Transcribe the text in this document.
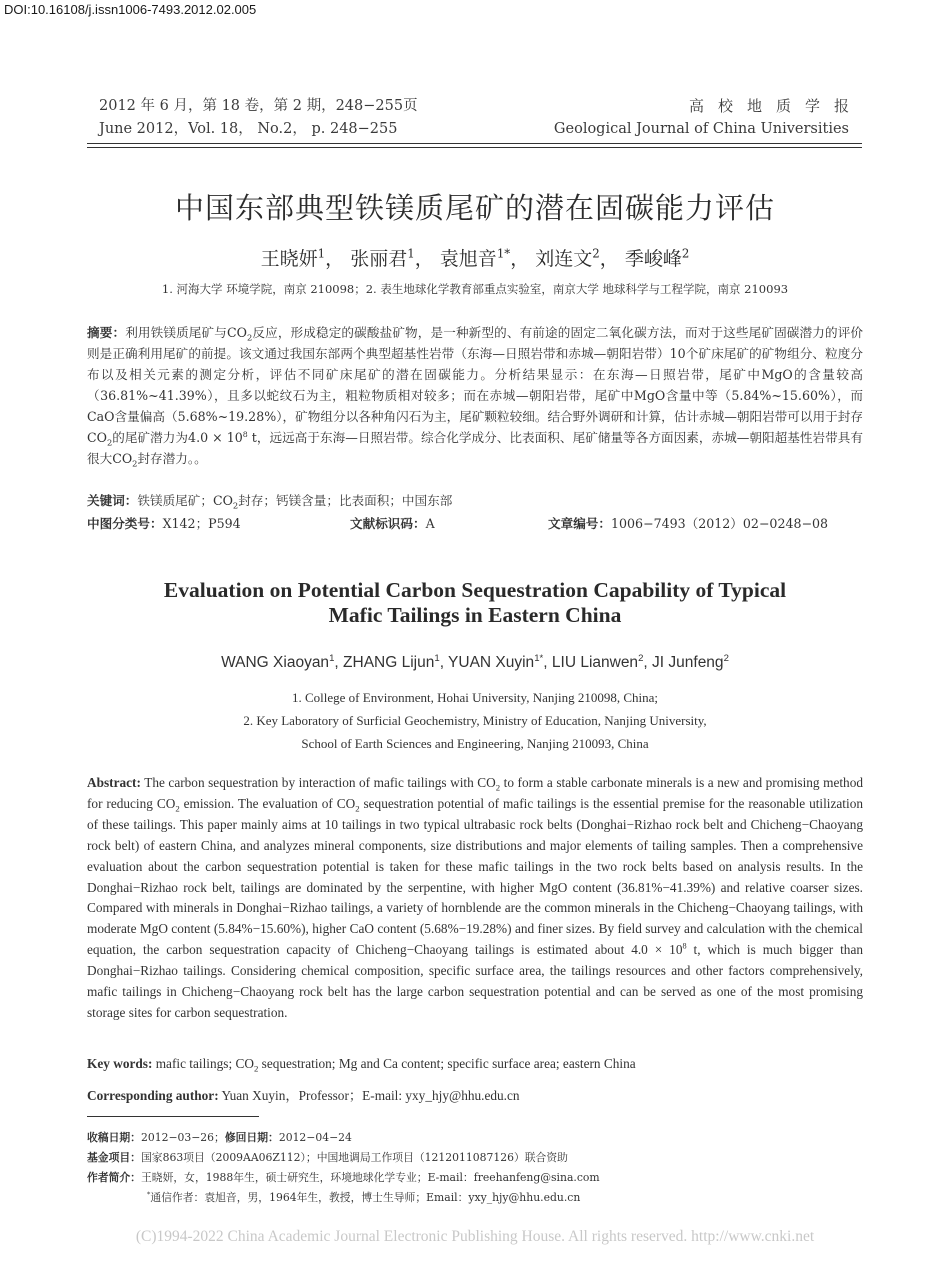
DOI:10.16108/j.issn1006-7493.2012.02.005
2012 年 6 月，第 18 卷，第 2 期，248−255页
June 2012，Vol. 18， No.2， p. 248−255
高校地质学报
Geological Journal of China Universities
中国东部典型铁镁质尾矿的潜在固碳能力评估
王晓妍$^1$， 张丽君$^1$， 袁旭音$^{1*}$， 刘连文$^2$， 季峻峰$^2$
1. 河海大学 环境学院，南京 210098；2. 表生地球化学教育部重点实验室，南京大学 地球科学与工程学院，南京 210093
摘要：利用铁镁质尾矿与$CO_2$反应，形成稳定的碳酸盐矿物，是一种新型的、有前途的固定二氧化碳方法，而对于这些尾矿固碳潜力的评价则是正确利用尾矿的前提。该文通过我国东部两个典型超基性岩带（东海—日照岩带和赤城—朝阳岩带）10个矿床尾矿的矿物组分、粒度分布以及相关元素的测定分析，评估不同矿床尾矿的潜在固碳能力。分析结果显示：在东海—日照岩带，尾矿中MgO的含量较高（36.81%~41.39%），且多以蛇纹石为主，粗粒物质相对较多；而在赤城—朝阳岩带，尾矿中MgO含量中等（5.84%~15.60%），而CaO含量偏高（5.68%~19.28%），矿物组分以各种角闪石为主，尾矿颗粒较细。结合野外调研和计算，估计赤城—朝阳岩带可以用于封存$CO_2$的尾矿潜力为$4.0 \times 10^8$ t，远远高于东海—日照岩带。综合化学成分、比表面积、尾矿储量等各方面因素，赤城—朝阳超基性岩带具有很大$CO_2$封存潜力。。
关键词：铁镁质尾矿；$CO_2$封存；钙镁含量；比表面积；中国东部
中图分类号：X142；P594	文献标识码：A	文章编号：1006−7493（2012）02−0248−08
Evaluation on Potential Carbon Sequestration Capability of Typical
Mafic Tailings in Eastern China
WANG Xiaoyan$^1$, ZHANG Lijun$^1$, YUAN Xuyin$^{1*}$, LIU Lianwen$^2$, JI Junfeng$^2$
1. College of Environment, Hohai University, Nanjing 210098, China;
2. Key Laboratory of Surficial Geochemistry, Ministry of Education, Nanjing University,
School of Earth Sciences and Engineering, Nanjing 210093, China
Abstract: The carbon sequestration by interaction of mafic tailings with $CO_2$ to form a stable carbonate minerals is a new and promising method for reducing $CO_2$ emission. The evaluation of $CO_2$ sequestration potential of mafic tailings is the essential premise for the reasonable utilization of these tailings. This paper mainly aims at 10 tailings in two typical ultrabasic rock belts (Donghai−Rizhao rock belt and Chicheng−Chaoyang rock belt) of eastern China, and analyzes mineral components, size distributions and major elements of tailing samples. Then a comprehensive evaluation about the carbon sequestration potential is taken for these mafic tailings in the two rock belts based on analysis results. In the Donghai−Rizhao rock belt, tailings are dominated by the serpentine, with higher MgO content (36.81%−41.39%) and relative coarser sizes. Compared with minerals in Donghai−Rizhao tailings, a variety of hornblende are the common minerals in the Chicheng−Chaoyang tailings, with moderate MgO content (5.84%−15.60%), higher CaO content (5.68%−19.28%) and finer sizes. By field survey and calculation with the chemical equation, the carbon sequestration capacity of Chicheng−Chaoyang tailings is estimated about $4.0 \times 10^8$ t, which is much bigger than Donghai−Rizhao tailings. Considering chemical composition, specific surface area, the tailings resources and other factors comprehensively, mafic tailings in Chicheng−Chaoyang rock belt has the large carbon sequestration potential and can be served as one of the most promising storage sites for carbon sequestration.
Key words: mafic tailings; $CO_2$ sequestration; Mg and Ca content; specific surface area; eastern China
Corresponding author: Yuan Xuyin，Professor；E-mail: yxy_hjy@hhu.edu.cn
收稿日期：2012−03−26；修回日期：2012−04−24
基金项目：国家863项目（2009AA06Z112）；中国地调局工作项目（1212011087126）联合资助
作者简介：王晓妍，女，1988年生，硕士研究生，环境地球化学专业；E-mail：freehanfeng@sina.com
*通信作者：袁旭音，男，1964年生，教授，博士生导师；Email：yxy_hjy@hhu.edu.cn
(C)1994-2022 China Academic Journal Electronic Publishing House. All rights reserved. http://www.cnki.net
